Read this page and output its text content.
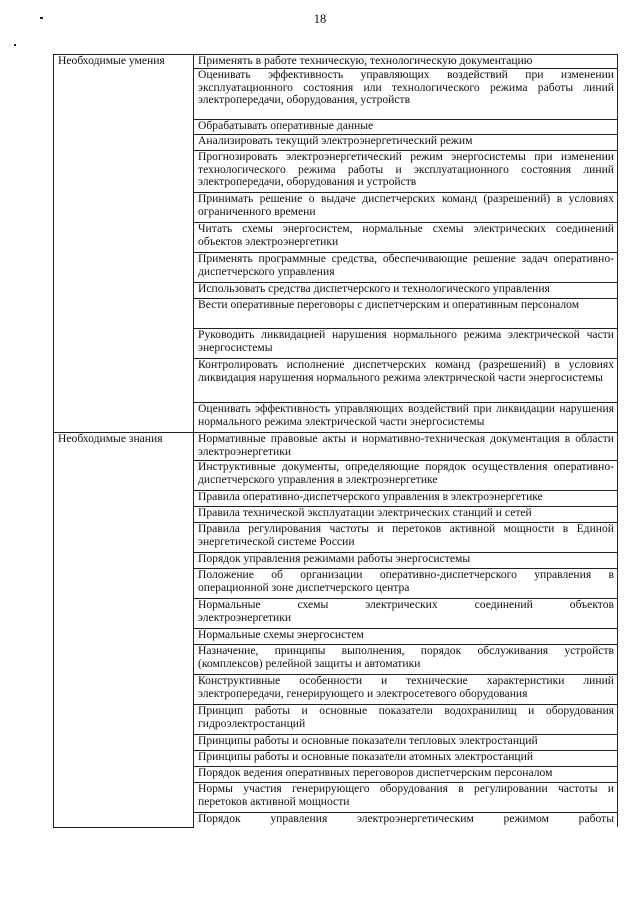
18
Необходимые умения	Применять в работе техническую, технологическую документацию
	Оценивать эффективность управляющих воздействий при изменении эксплуатационного состояния или технологического режима работы линий электропередачи, оборудования, устройств
	Обрабатывать оперативные данные
	Анализировать текущий электроэнергетический режим
	Прогнозировать электроэнергетический режим энергосистемы при изменении технологического режима работы и эксплуатационного состояния линий электропередачи, оборудования и устройств
	Принимать решение о выдаче диспетчерских команд (разрешений) в условиях ограниченного времени
	Читать схемы энергосистем, нормальные схемы электрических соединений объектов электроэнергетики
	Применять программные средства, обеспечивающие решение задач оперативно-диспетчерского управления
	Использовать средства диспетчерского и технологического управления
	Вести оперативные переговоры с диспетчерским и оперативным персоналом
	Руководить ликвидацией нарушения нормального режима электрической части энергосистемы
	Контролировать исполнение диспетчерских команд (разрешений) в условиях ликвидация нарушения нормального режима электрической части энергосистемы
	Оценивать эффективность управляющих воздействий при ликвидации нарушения нормального режима электрической части энергосистемы
Необходимые знания	Нормативные правовые акты и нормативно-техническая документация в области электроэнергетики
	Инструктивные документы, определяющие порядок осуществления оперативно-диспетчерского управления в электроэнергетике
	Правила оперативно-диспетчерского управления в электроэнергетике
	Правила технической эксплуатации электрических станций и сетей
	Правила регулирования частоты и перетоков активной мощности в Единой энергетической системе России
	Порядок управления режимами работы энергосистемы
	Положение об организации оперативно-диспетчерского управления в операционной зоне диспетчерского центра
	Нормальные схемы электрических соединений объектов электроэнергетики
	Нормальные схемы энергосистем
	Назначение, принципы выполнения, порядок обслуживания устройств (комплексов) релейной защиты и автоматики
	Конструктивные особенности и технические характеристики линий электропередачи, генерирующего и электросетевого оборудования
	Принцип работы и основные показатели водохранилищ и оборудования гидроэлектростанций
	Принципы работы и основные показатели тепловых электростанций
	Принципы работы и основные показатели атомных электростанций
	Порядок ведения оперативных переговоров диспетчерским персоналом
	Нормы участия генерирующего оборудования в регулировании частоты и перетоков активной мощности
	Порядок управления электроэнергетическим режимом работы
